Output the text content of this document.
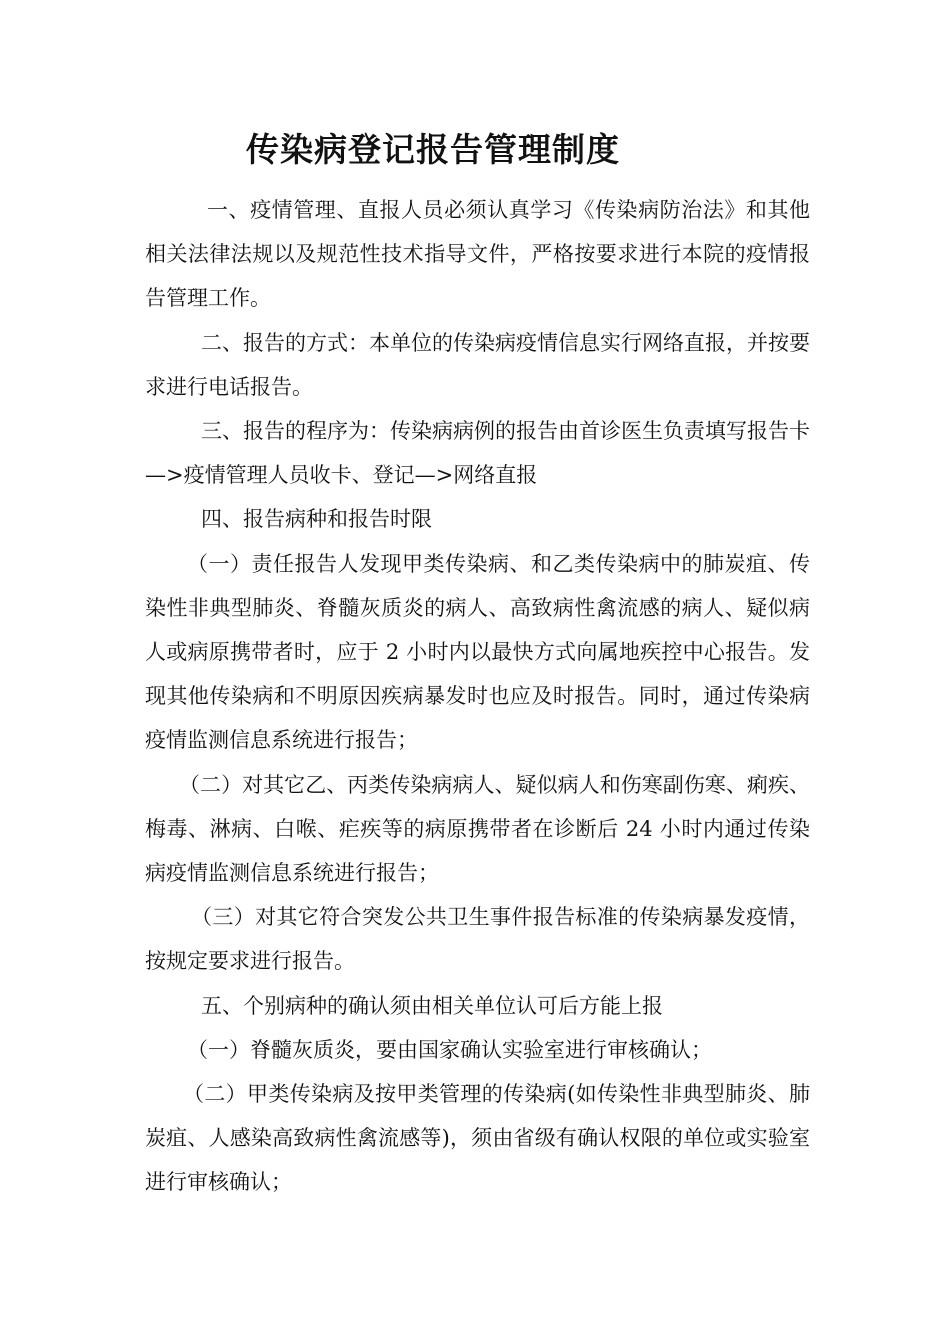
传染病登记报告管理制度

一、疫情管理、直报人员必须认真学习《传染病防治法》和其他相关法律法规以及规范性技术指导文件，严格按要求进行本院的疫情报告管理工作。

二、报告的方式：本单位的传染病疫情信息实行网络直报，并按要求进行电话报告。

三、报告的程序为：传染病病例的报告由首诊医生负责填写报告卡—>疫情管理人员收卡、登记—>网络直报

四、报告病种和报告时限

（一）责任报告人发现甲类传染病、和乙类传染病中的肺炭疽、传染性非典型肺炎、脊髓灰质炎的病人、高致病性禽流感的病人、疑似病人或病原携带者时，应于 2 小时内以最快方式向属地疾控中心报告。发现其他传染病和不明原因疾病暴发时也应及时报告。同时，通过传染病疫情监测信息系统进行报告；

（二）对其它乙、丙类传染病病人、疑似病人和伤寒副伤寒、痢疾、梅毒、淋病、白喉、疟疾等的病原携带者在诊断后 24 小时内通过传染病疫情监测信息系统进行报告；

（三）对其它符合突发公共卫生事件报告标准的传染病暴发疫情，按规定要求进行报告。

五、个别病种的确认须由相关单位认可后方能上报

（一）脊髓灰质炎，要由国家确认实验室进行审核确认；

（二）甲类传染病及按甲类管理的传染病(如传染性非典型肺炎、肺炭疽、人感染高致病性禽流感等)，须由省级有确认权限的单位或实验室进行审核确认；
